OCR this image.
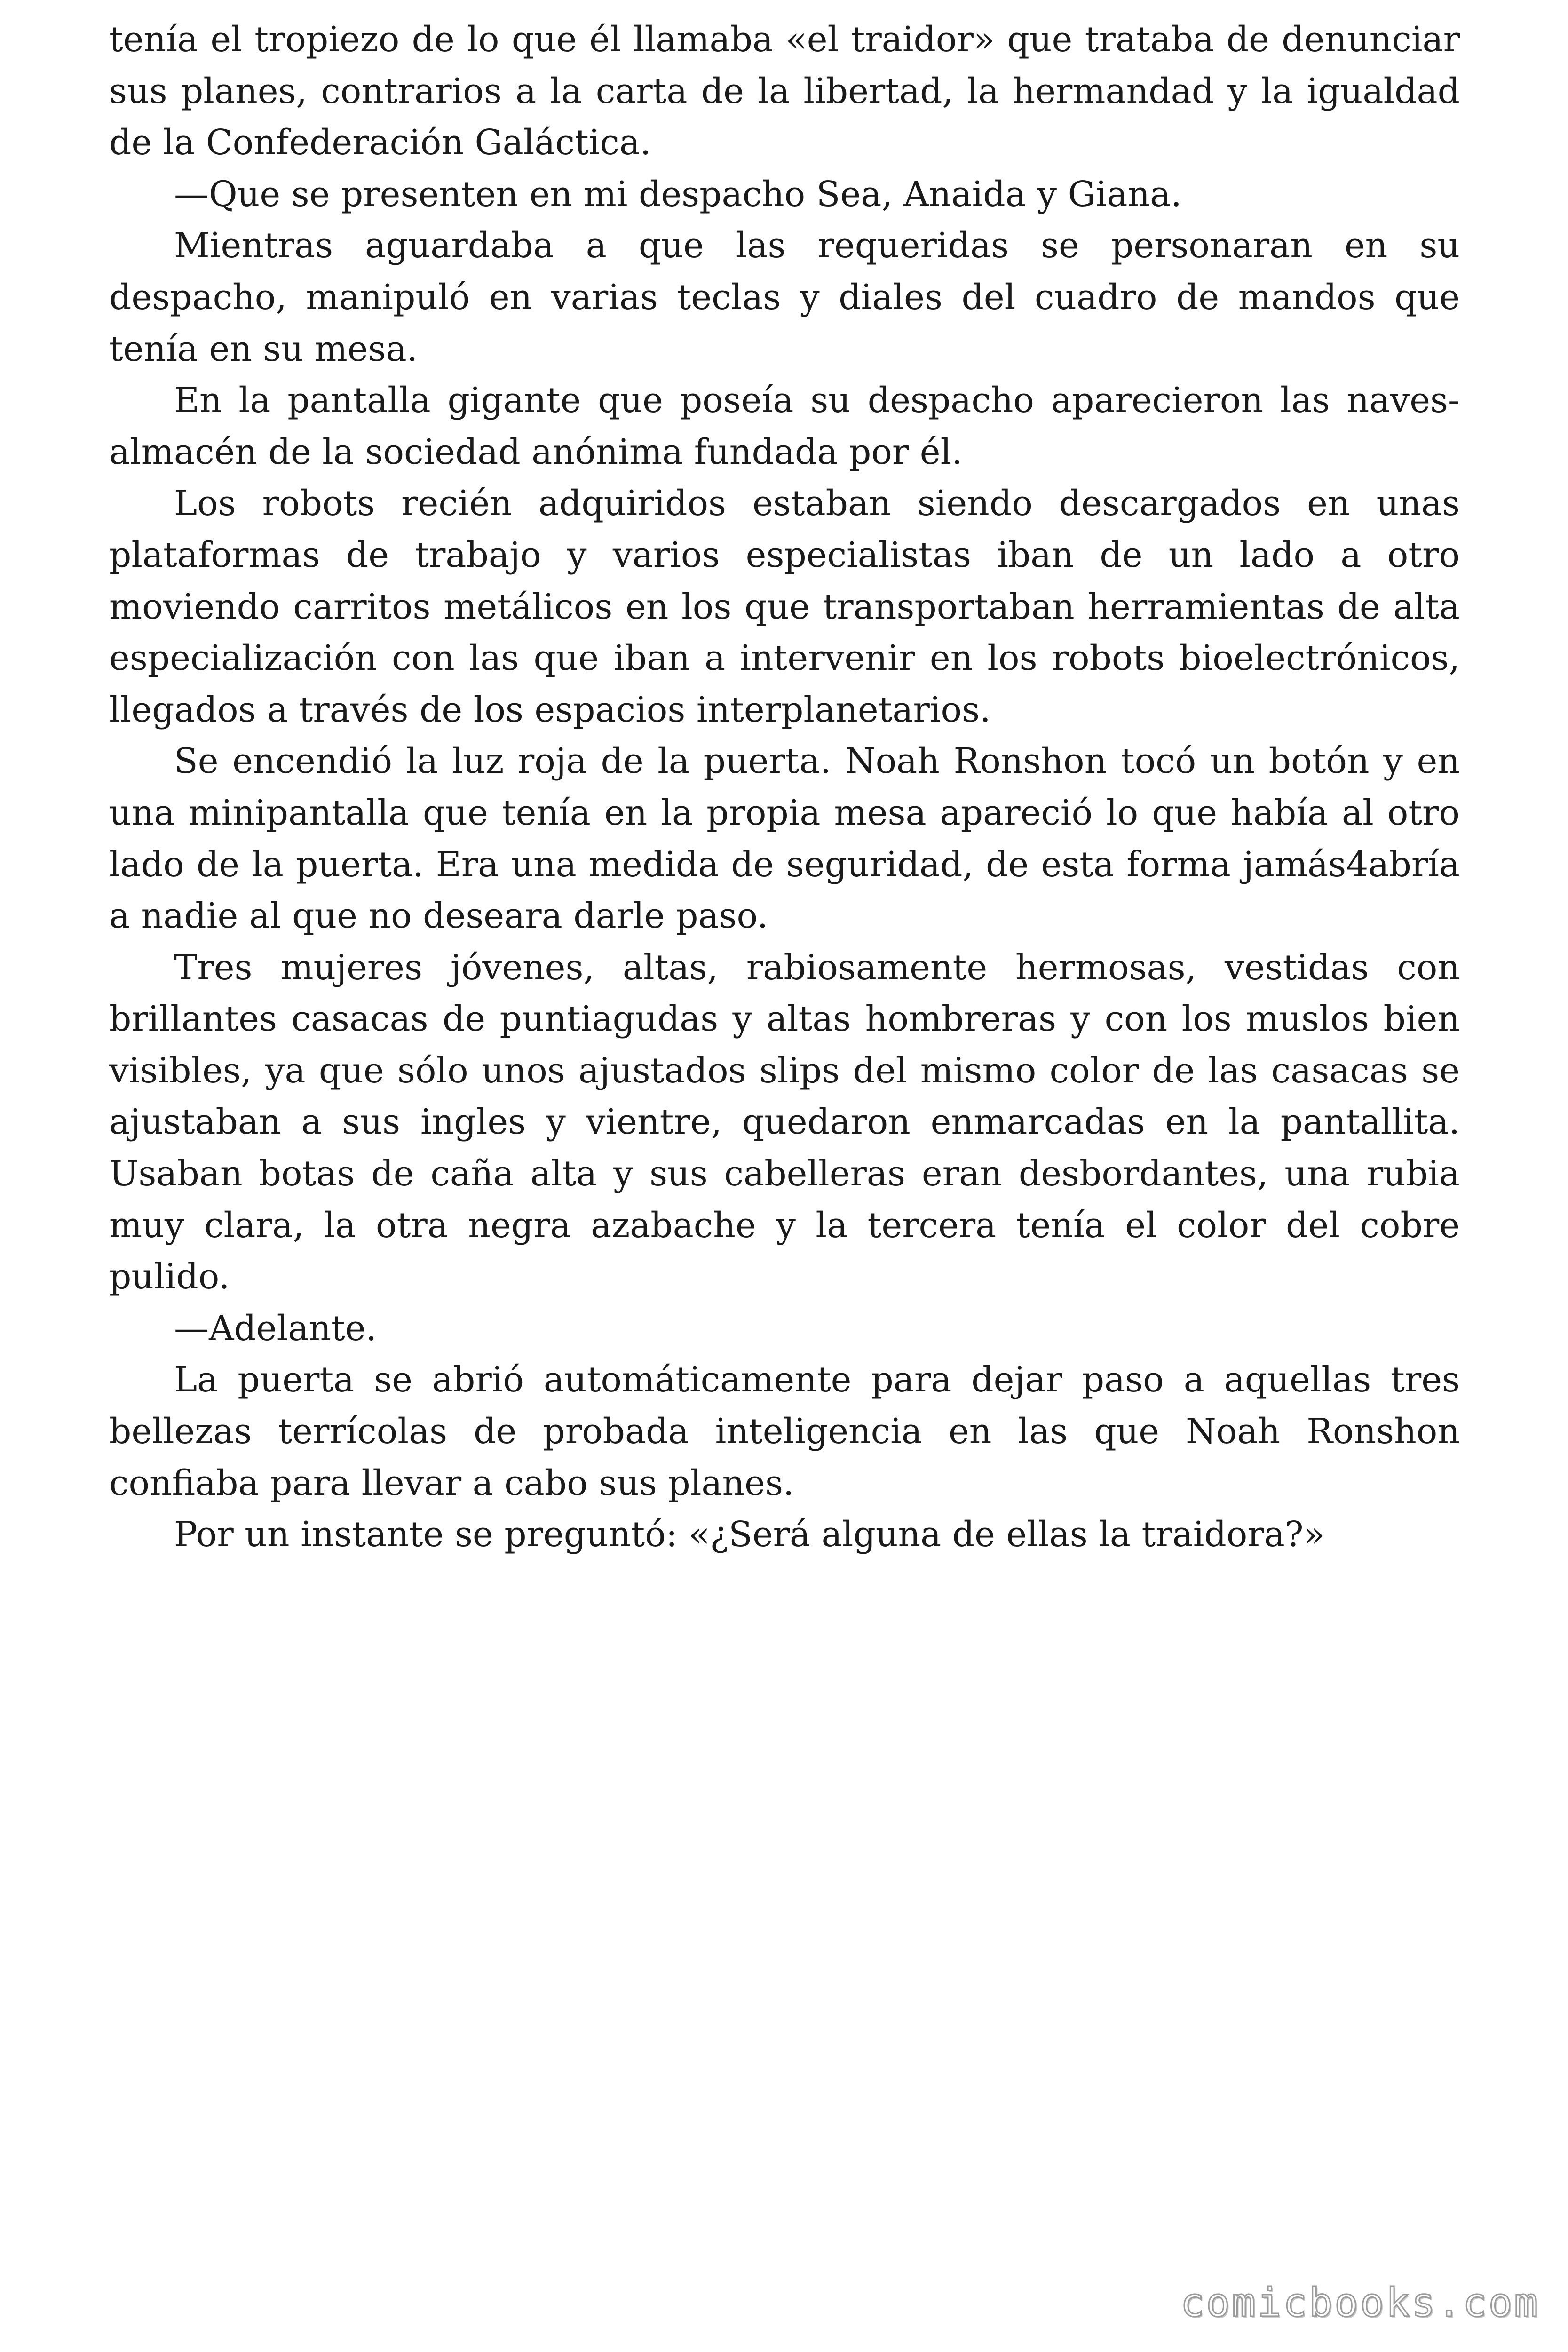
tenía el tropiezo de lo que él llamaba «el traidor» que trataba de denunciar sus planes, contrarios a la carta de la libertad, la hermandad y la igualdad de la Confederación Galáctica.

—Que se presenten en mi despacho Sea, Anaida y Giana.

Mientras aguardaba a que las requeridas se personaran en su despacho, manipuló en varias teclas y diales del cuadro de mandos que tenía en su mesa.

En la pantalla gigante que poseía su despacho aparecieron las naves-almacén de la sociedad anónima fundada por él.

Los robots recién adquiridos estaban siendo descargados en unas plataformas de trabajo y varios especialistas iban de un lado a otro moviendo carritos metálicos en los que transportaban herramientas de alta especialización con las que iban a intervenir en los robots bioelectrónicos, llegados a través de los espacios interplanetarios.

Se encendió la luz roja de la puerta. Noah Ronshon tocó un botón y en una minipantalla que tenía en la propia mesa apareció lo que había al otro lado de la puerta. Era una medida de seguridad, de esta forma jamás4abría a nadie al que no deseara darle paso.

Tres mujeres jóvenes, altas, rabiosamente hermosas, vestidas con brillantes casacas de puntiagudas y altas hombreras y con los muslos bien visibles, ya que sólo unos ajustados slips del mismo color de las casacas se ajustaban a sus ingles y vientre, quedaron enmarcadas en la pantallita. Usaban botas de caña alta y sus cabelleras eran desbordantes, una rubia muy clara, la otra negra azabache y la tercera tenía el color del cobre pulido.

—Adelante.

La puerta se abrió automáticamente para dejar paso a aquellas tres bellezas terrícolas de probada inteligencia en las que Noah Ronshon confiaba para llevar a cabo sus planes.

Por un instante se preguntó: «¿Será alguna de ellas la traidora?»

comicbooks.com
